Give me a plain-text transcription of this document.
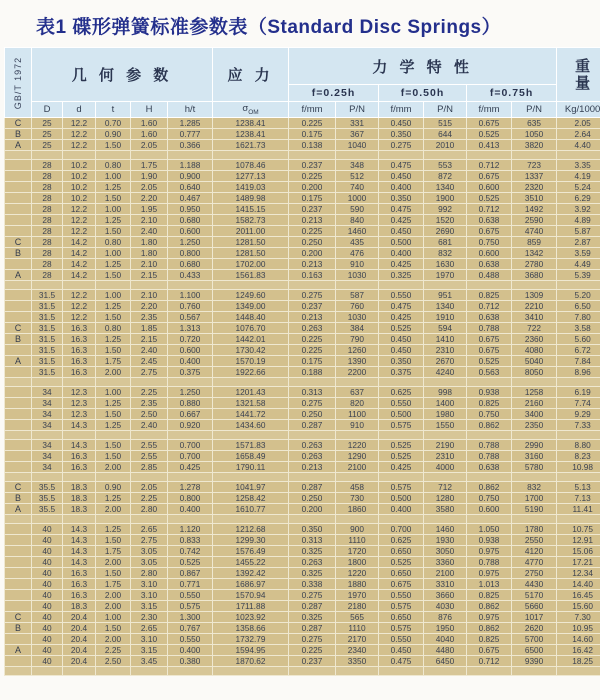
表1 碟形弹簧标准参数表（Standard Disc Springs）
GB/T 1972	几 何 参 数					应 力	力 学 特 性						重
量

							f=0.25h		f=0.50h		f=0.75h		
	D	d	t	H	h/t	$\sigma_{OM}$	f/mm	P/N	f/mm	P/N	f/mm	P/N	Kg/1000
C	25	12.2	0.70	1.60	1.285	1238.41	0.225	331	0.450	515	0.675	635	2.05
B	25	12.2	0.90	1.60	0.777	1238.41	0.175	367	0.350	644	0.525	1050	2.64
A	25	12.2	1.50	2.05	0.366	1621.73	0.138	1040	0.275	2010	0.413	3820	4.40

	28	10.2	0.80	1.75	1.188	1078.46	0.237	348	0.475	553	0.712	723	3.35
	28	10.2	1.00	1.90	0.900	1277.13	0.225	512	0.450	872	0.675	1337	4.19
	28	10.2	1.25	2.05	0.640	1419.03	0.200	740	0.400	1340	0.600	2320	5.24
	28	10.2	1.50	2.20	0.467	1489.98	0.175	1000	0.350	1900	0.525	3510	6.29
	28	12.2	1.00	1.95	0.950	1415.15	0.237	590	0.475	992	0.712	1492	3.92
	28	12.2	1.25	2.10	0.680	1582.73	0.213	840	0.425	1520	0.638	2590	4.89
	28	12.2	1.50	2.40	0.600	2011.00	0.225	1460	0.450	2690	0.675	4740	5.87
C	28	14.2	0.80	1.80	1.250	1281.50	0.250	435	0.500	681	0.750	859	2.87
B	28	14.2	1.00	1.80	0.800	1281.50	0.200	476	0.400	832	0.600	1342	3.59
	28	14.2	1.25	2.10	0.680	1702.00	0.213	910	0.425	1630	0.638	2780	4.49
A	28	14.2	1.50	2.15	0.433	1561.83	0.163	1030	0.325	1970	0.488	3680	5.39

	31.5	12.2	1.00	2.10	1.100	1249.60	0.275	587	0.550	951	0.825	1309	5.20
	31.5	12.2	1.25	2.20	0.760	1349.00	0.237	760	0.475	1340	0.712	2210	6.50
	31.5	12.2	1.50	2.35	0.567	1448.40	0.213	1030	0.425	1910	0.638	3410	7.80
C	31.5	16.3	0.80	1.85	1.313	1076.70	0.263	384	0.525	594	0.788	722	3.58
B	31.5	16.3	1.25	2.15	0.720	1442.01	0.225	790	0.450	1410	0.675	2360	5.60
	31.5	16.3	1.50	2.40	0.600	1730.42	0.225	1260	0.450	2310	0.675	4080	6.72
A	31.5	16.3	1.75	2.45	0.400	1570.19	0.175	1390	0.350	2670	0.525	5040	7.84
	31.5	16.3	2.00	2.75	0.375	1922.66	0.188	2200	0.375	4240	0.563	8050	8.96

	34	12.3	1.00	2.25	1.250	1201.43	0.313	637	0.625	998	0.938	1258	6.19
	34	12.3	1.25	2.35	0.880	1321.58	0.275	820	0.550	1400	0.825	2160	7.74
	34	12.3	1.50	2.50	0.667	1441.72	0.250	1100	0.500	1980	0.750	3400	9.29
	34	14.3	1.25	2.40	0.920	1434.60	0.287	910	0.575	1550	0.862	2350	7.33

	34	14.3	1.50	2.55	0.700	1571.83	0.263	1220	0.525	2190	0.788	2990	8.80
	34	16.3	1.50	2.55	0.700	1658.49	0.263	1290	0.525	2310	0.788	3160	8.23
	34	16.3	2.00	2.85	0.425	1790.11	0.213	2100	0.425	4000	0.638	5780	10.98

C	35.5	18.3	0.90	2.05	1.278	1041.97	0.287	458	0.575	712	0.862	832	5.13
B	35.5	18.3	1.25	2.25	0.800	1258.42	0.250	730	0.500	1280	0.750	1700	7.13
A	35.5	18.3	2.00	2.80	0.400	1610.77	0.200	1860	0.400	3580	0.600	5190	11.41

	40	14.3	1.25	2.65	1.120	1212.68	0.350	900	0.700	1460	1.050	1780	10.75
	40	14.3	1.50	2.75	0.833	1299.30	0.313	1110	0.625	1930	0.938	2550	12.91
	40	14.3	1.75	3.05	0.742	1576.49	0.325	1720	0.650	3050	0.975	4120	15.06
	40	14.3	2.00	3.05	0.525	1455.22	0.263	1800	0.525	3360	0.788	4770	17.21
	40	16.3	1.50	2.80	0.867	1392.42	0.325	1220	0.650	2100	0.975	2750	12.34
	40	16.3	1.75	3.10	0.771	1686.97	0.338	1880	0.675	3310	1.013	4430	14.40
	40	16.3	2.00	3.10	0.550	1570.94	0.275	1970	0.550	3660	0.825	5170	16.45
	40	18.3	2.00	3.15	0.575	1711.88	0.287	2180	0.575	4030	0.862	5660	15.60
C	40	20.4	1.00	2.30	1.300	1023.92	0.325	565	0.650	876	0.975	1017	7.30
B	40	20.4	1.50	2.65	0.767	1358.66	0.287	1110	0.575	1950	0.862	2620	10.95
	40	20.4	2.00	3.10	0.550	1732.79	0.275	2170	0.550	4040	0.825	5700	14.60
A	40	20.4	2.25	3.15	0.400	1594.95	0.225	2340	0.450	4480	0.675	6500	16.42
	40	20.4	2.50	3.45	0.380	1870.62	0.237	3350	0.475	6450	0.712	9390	18.25
